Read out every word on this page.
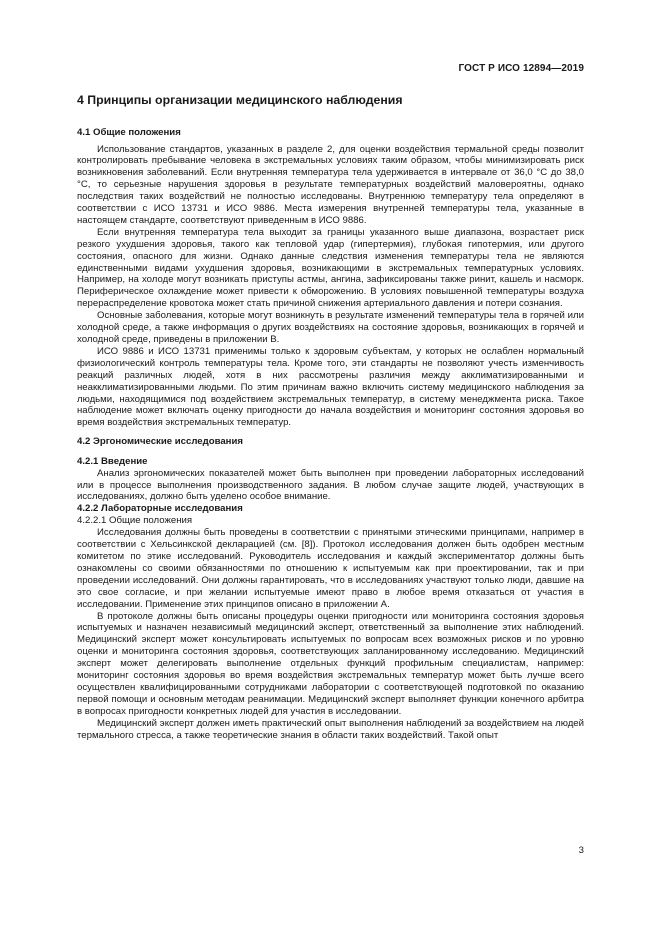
ГОСТ Р ИСО 12894—2019
4 Принципы организации медицинского наблюдения
4.1 Общие положения

Использование стандартов, указанных в разделе 2, для оценки воздействия термальной среды позволит контролировать пребывание человека в экстремальных условиях таким образом, чтобы минимизировать риск возникновения заболеваний. Если внутренняя температура тела удерживается в интервале от 36,0 °С до 38,0 °С, то серьезные нарушения здоровья в результате температурных воздействий маловероятны, однако последствия таких воздействий не полностью исследованы. Внутреннюю температуру тела определяют в соответствии с ИСО 13731 и ИСО 9886. Места измерения внутренней температуры тела, указанные в настоящем стандарте, соответствуют приведенным в ИСО 9886.

Если внутренняя температура тела выходит за границы указанного выше диапазона, возрастает риск резкого ухудшения здоровья, такого как тепловой удар (гипертермия), глубокая гипотермия, или другого состояния, опасного для жизни. Однако данные следствия изменения температуры тела не являются единственными видами ухудшения здоровья, возникающими в экстремальных температурных условиях. Например, на холоде могут возникать приступы астмы, ангина, зафиксированы также ринит, кашель и насморк. Периферическое охлаждение может привести к обморожению. В условиях повышенной температуры воздуха перераспределение кровотока может стать причиной снижения артериального давления и потери сознания.

Основные заболевания, которые могут возникнуть в результате изменений температуры тела в горячей или холодной среде, а также информация о других воздействиях на состояние здоровья, возникающих в горячей и холодной среде, приведены в приложении В.

ИСО 9886 и ИСО 13731 применимы только к здоровым субъектам, у которых не ослаблен нормальный физиологический контроль температуры тела. Кроме того, эти стандарты не позволяют учесть изменчивость реакций различных людей, хотя в них рассмотрены различия между акклиматизированными и неакклиматизированными людьми. По этим причинам важно включить систему медицинского наблюдения за людьми, находящимися под воздействием экстремальных температур, в систему менеджмента риска. Такое наблюдение может включать оценку пригодности до начала воздействия и мониторинг состояния здоровья во время воздействия экстремальных температур.

4.2 Эргономические исследования
4.2.1 Введение

Анализ эргономических показателей может быть выполнен при проведении лабораторных исследований или в процессе выполнения производственного задания. В любом случае защите людей, участвующих в исследованиях, должно быть уделено особое внимание.

4.2.2 Лабораторные исследования
4.2.2.1 Общие положения

Исследования должны быть проведены в соответствии с принятыми этическими принципами, например в соответствии с Хельсинкской декларацией (см. [8]). Протокол исследования должен быть одобрен местным комитетом по этике исследований. Руководитель исследования и каждый экспериментатор должны быть ознакомлены со своими обязанностями по отношению к испытуемым как при проектировании, так и при проведении исследований. Они должны гарантировать, что в исследованиях участвуют только люди, давшие на это свое согласие, и при желании испытуемые имеют право в любое время отказаться от участия в исследовании. Применение этих принципов описано в приложении А.

В протоколе должны быть описаны процедуры оценки пригодности или мониторинга состояния здоровья испытуемых и назначен независимый медицинский эксперт, ответственный за выполнение этих наблюдений. Медицинский эксперт может консультировать испытуемых по вопросам всех возможных рисков и по уровню оценки и мониторинга состояния здоровья, соответствующих запланированному исследованию. Медицинский эксперт может делегировать выполнение отдельных функций профильным специалистам, например: мониторинг состояния здоровья во время воздействия экстремальных температур может быть лучше всего осуществлен квалифицированными сотрудниками лаборатории с соответствующей подготовкой по оказанию первой помощи и основным методам реанимации. Медицинский эксперт выполняет функции конечного арбитра в вопросах пригодности конкретных людей для участия в исследовании.

Медицинский эксперт должен иметь практический опыт выполнения наблюдений за воздействием на людей термального стресса, а также теоретические знания в области таких воздействий. Такой опыт

3
